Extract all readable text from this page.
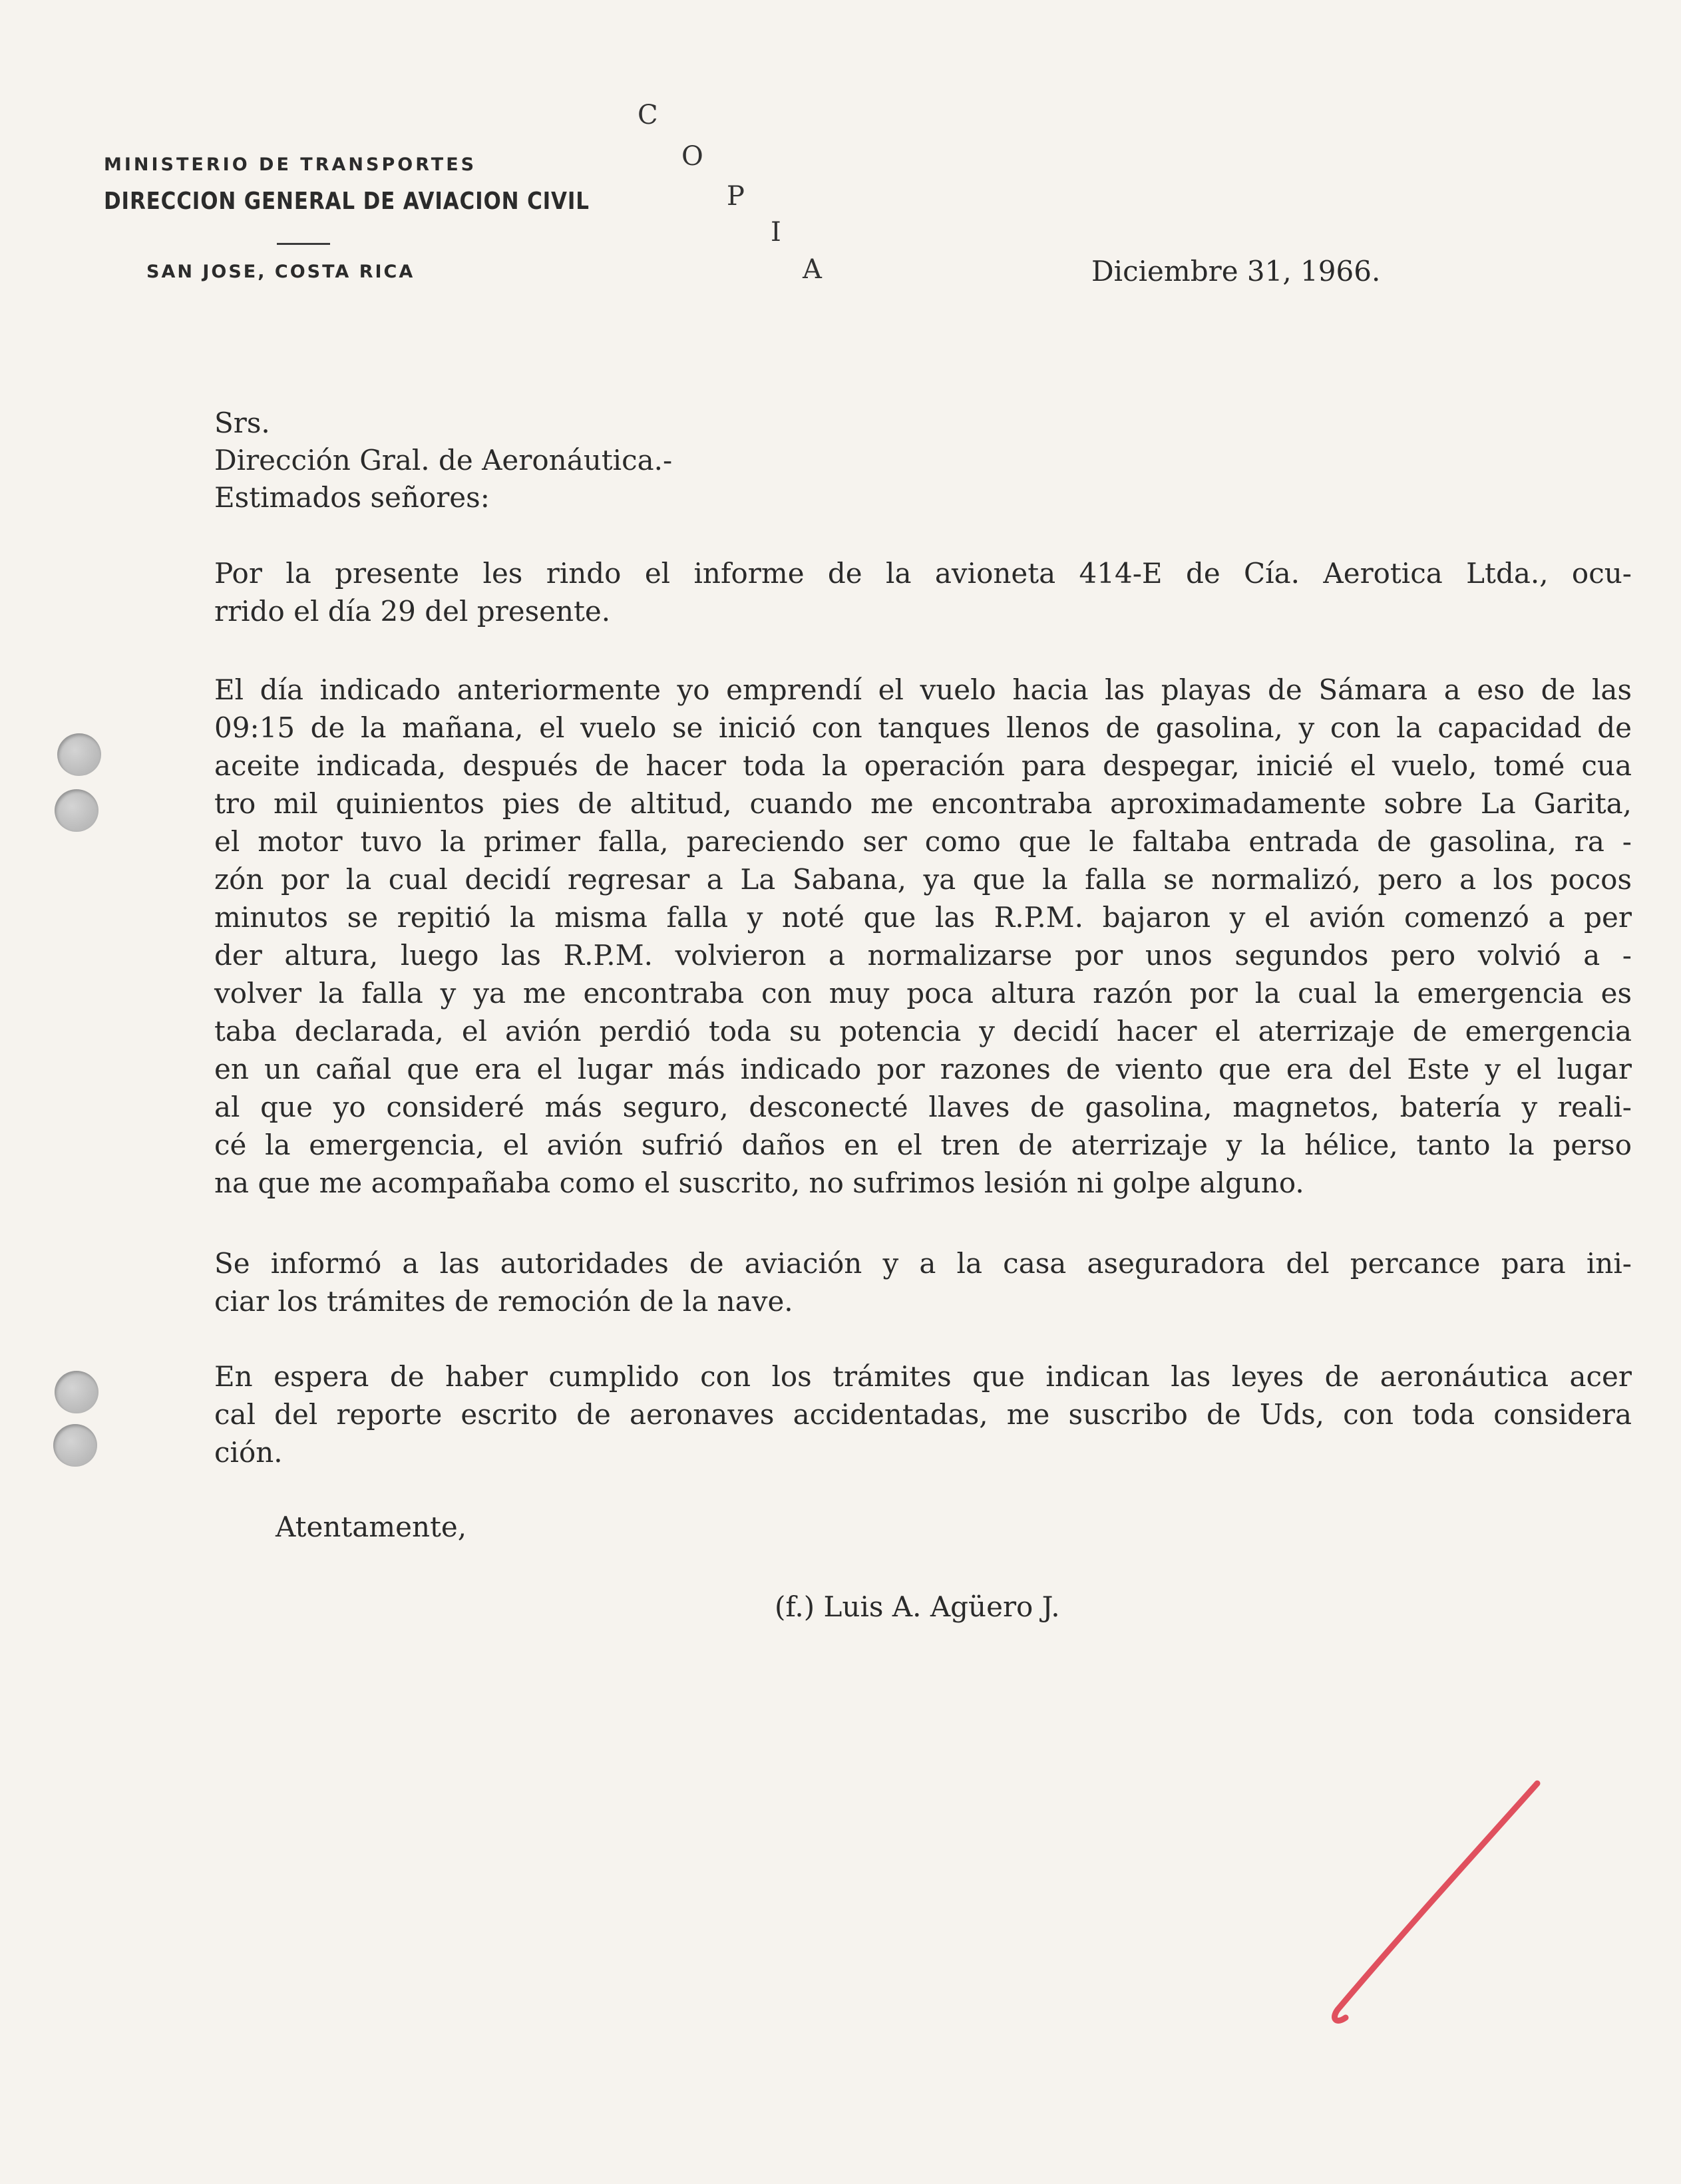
MINISTERIO DE TRANSPORTES
DIRECCION GENERAL DE AVIACION CIVIL
SAN JOSE, COSTA RICA
C
O
P
I
A	Diciembre 31, 1966.
Srs.
Dirección Gral. de Aeronáutica.-
Estimados señores:
Por la presente les rindo el informe de la avioneta 414-E de Cía. Aerotica Ltda., ocu-
rrido el día 29 del presente.
El día indicado anteriormente yo emprendí el vuelo hacia las playas de Sámara a eso de las
09:15 de la mañana, el vuelo se inició con tanques llenos de gasolina, y con la capacidad de
aceite indicada, después de hacer toda la operación para despegar, inicié el vuelo, tomé cua
tro mil quinientos pies de altitud, cuando me encontraba aproximadamente sobre La Garita,
el motor tuvo la primer falla, pareciendo ser como que le faltaba entrada de gasolina, ra -
zón por la cual decidí regresar a La Sabana, ya que la falla se normalizó, pero a los pocos
minutos se repitió la misma falla y noté que las R.P.M. bajaron y el avión comenzó a per
der altura, luego las R.P.M. volvieron a normalizarse por unos segundos pero volvió a -
volver la falla y ya me encontraba con muy poca altura razón por la cual la emergencia es
taba declarada, el avión perdió toda su potencia y decidí hacer el aterrizaje de emergencia
en un cañal que era el lugar más indicado por razones de viento que era del Este y el lugar
al que yo consideré más seguro, desconecté llaves de gasolina, magnetos, batería y reali-
cé la emergencia, el avión sufrió daños en el tren de aterrizaje y la hélice, tanto la perso
na que me acompañaba como el suscrito, no sufrimos lesión ni golpe alguno.
Se informó a las autoridades de aviación y a la casa aseguradora del percance para ini-
ciar los trámites de remoción de la nave.
En espera de haber cumplido con los trámites que indican las leyes de aeronáutica acer
cal del reporte escrito de aeronaves accidentadas, me suscribo de Uds, con toda considera
ción.
Atentamente,
(f.) Luis A. Agüero J.
